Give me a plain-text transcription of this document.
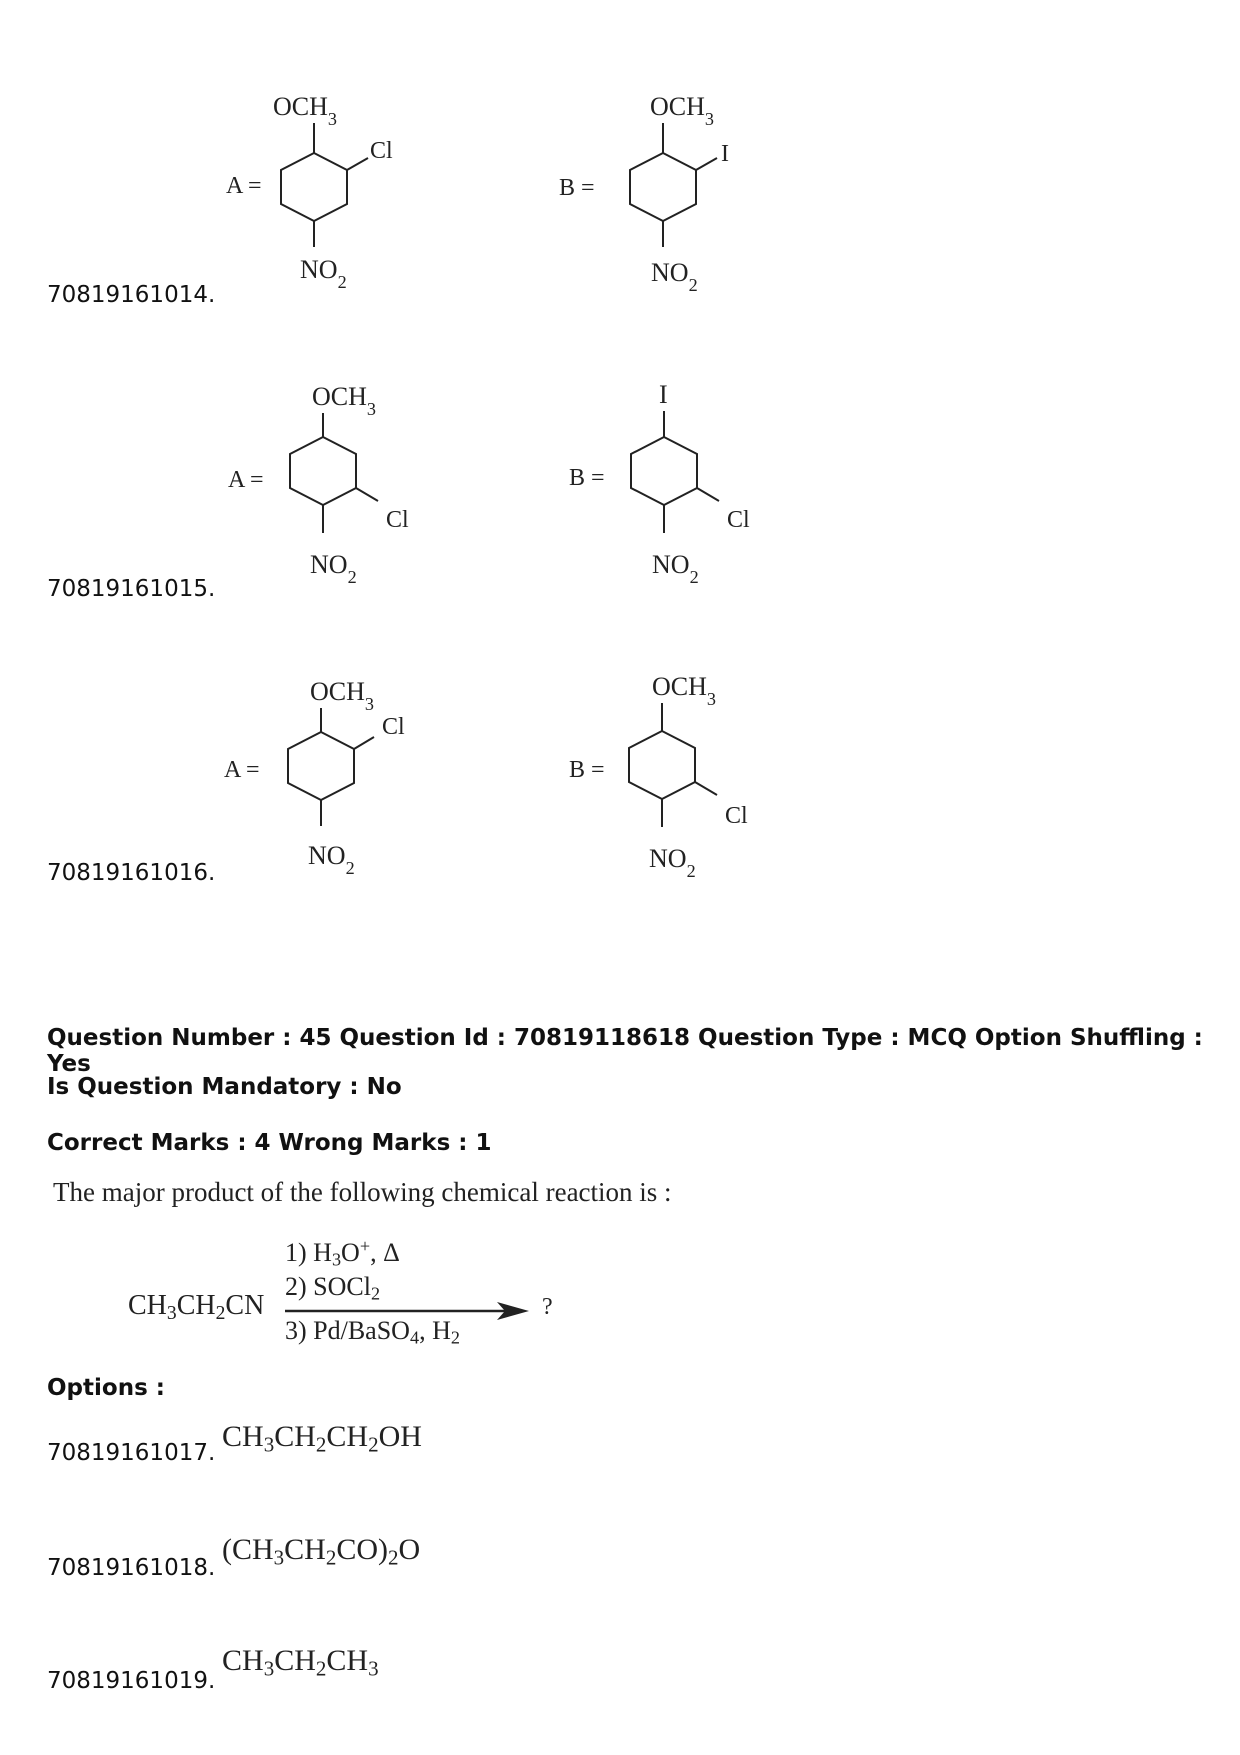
70819161014.
A =
$OCH_3$
Cl
$NO_2$
B =
$OCH_3$
I
$NO_2$
70819161015.
A =
$OCH_3$
Cl
$NO_2$
B =
I
Cl
$NO_2$
70819161016.
A =
$OCH_3$
Cl
$NO_2$
B =
$OCH_3$
Cl
$NO_2$
Question Number : 45 Question Id : 70819118618 Question Type : MCQ Option Shuffling : Yes
Is Question Mandatory : No
Correct Marks : 4 Wrong Marks : 1
The major product of the following chemical reaction is :
$CH_3CH_2CN$
1) $H_3O^+$, Δ
2) SOCl$_2$
?
3) Pd/BaSO$_4$, $H_2$
Options :
70819161017. $CH_3CH_2CH_2OH$
70819161018.
$(CH_3CH_2CO)_2O$
70819161019.
$CH_3CH_2CH_3$
